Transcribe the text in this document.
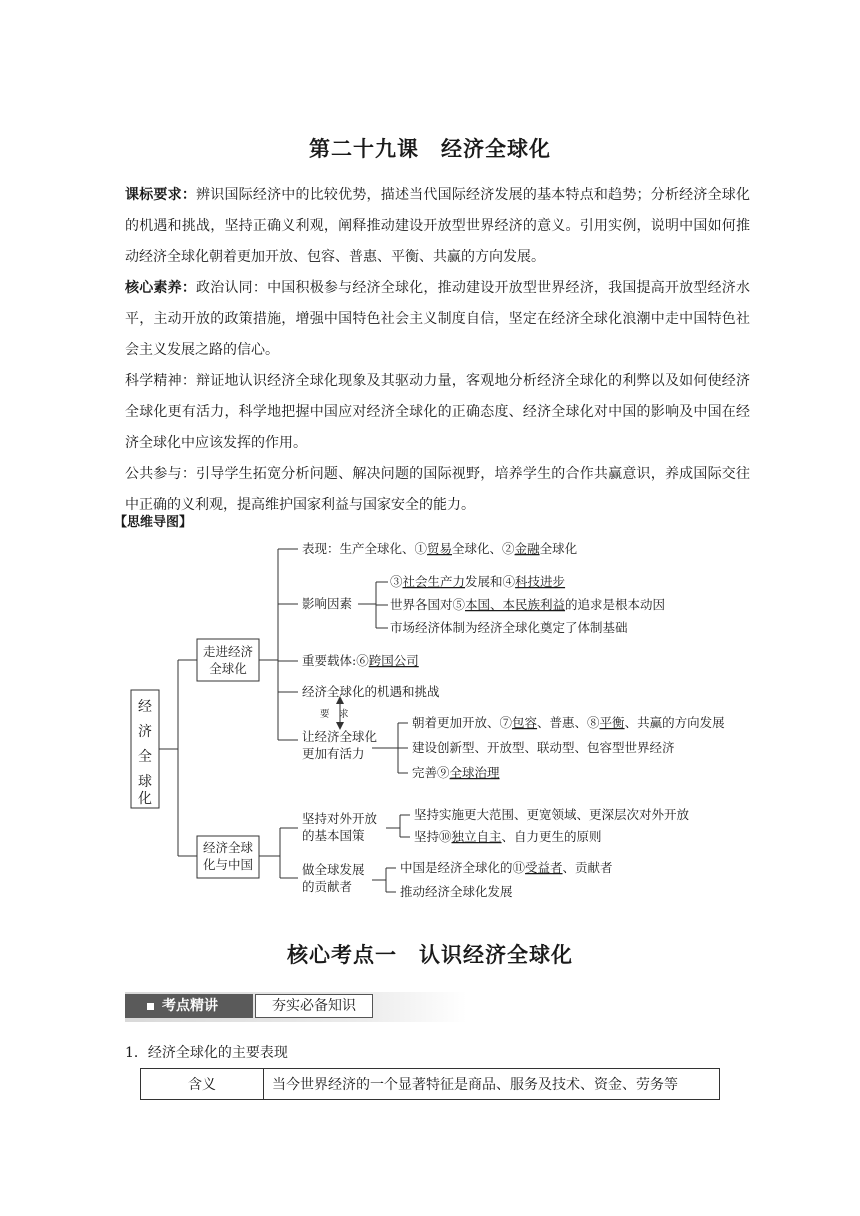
第二十九课　经济全球化

课标要求：辨识国际经济中的比较优势，描述当代国际经济发展的基本特点和趋势；分析经济全球化的机遇和挑战，坚持正确义利观，阐释推动建设开放型世界经济的意义。引用实例，说明中国如何推动经济全球化朝着更加开放、包容、普惠、平衡、共赢的方向发展。

核心素养：政治认同：中国积极参与经济全球化，推动建设开放型世界经济，我国提高开放型经济水平，主动开放的政策措施，增强中国特色社会主义制度自信，坚定在经济全球化浪潮中走中国特色社会主义发展之路的信心。

科学精神：辩证地认识经济全球化现象及其驱动力量，客观地分析经济全球化的利弊以及如何使经济全球化更有活力，科学地把握中国应对经济全球化的正确态度、经济全球化对中国的影响及中国在经济全球化中应该发挥的作用。

公共参与：引导学生拓宽分析问题、解决问题的国际视野，培养学生的合作共赢意识，养成国际交往中正确的义利观，提高维护国家利益与国家安全的能力。

【思维导图】
经
济
全
球
化
走进经济
全球化
经济全球
化与中国
表现：生产全球化、①贸易全球化、②金融全球化
影响因素
③社会生产力发展和④科技进步
世界各国对⑤本国、本民族利益的追求是根本动因
市场经济体制为经济全球化奠定了体制基础
重要载体:⑥跨国公司
经济全球化的机遇和挑战
要　求
让经济全球化
更加有活力
朝着更加开放、⑦包容、普惠、⑧平衡、共赢的方向发展
建设创新型、开放型、联动型、包容型世界经济
完善⑨全球治理
坚持对外开放
的基本国策
坚持实施更大范围、更宽领域、更深层次对外开放
坚持⑩独立自主、自力更生的原则
做全球发展
的贡献者
中国是经济全球化的⑪受益者、贡献者
推动经济全球化发展
核心考点一　认识经济全球化
考点精讲	夯实必备知识
1．经济全球化的主要表现
含义	当今世界经济的一个显著特征是商品、服务及技术、资金、劳务等
